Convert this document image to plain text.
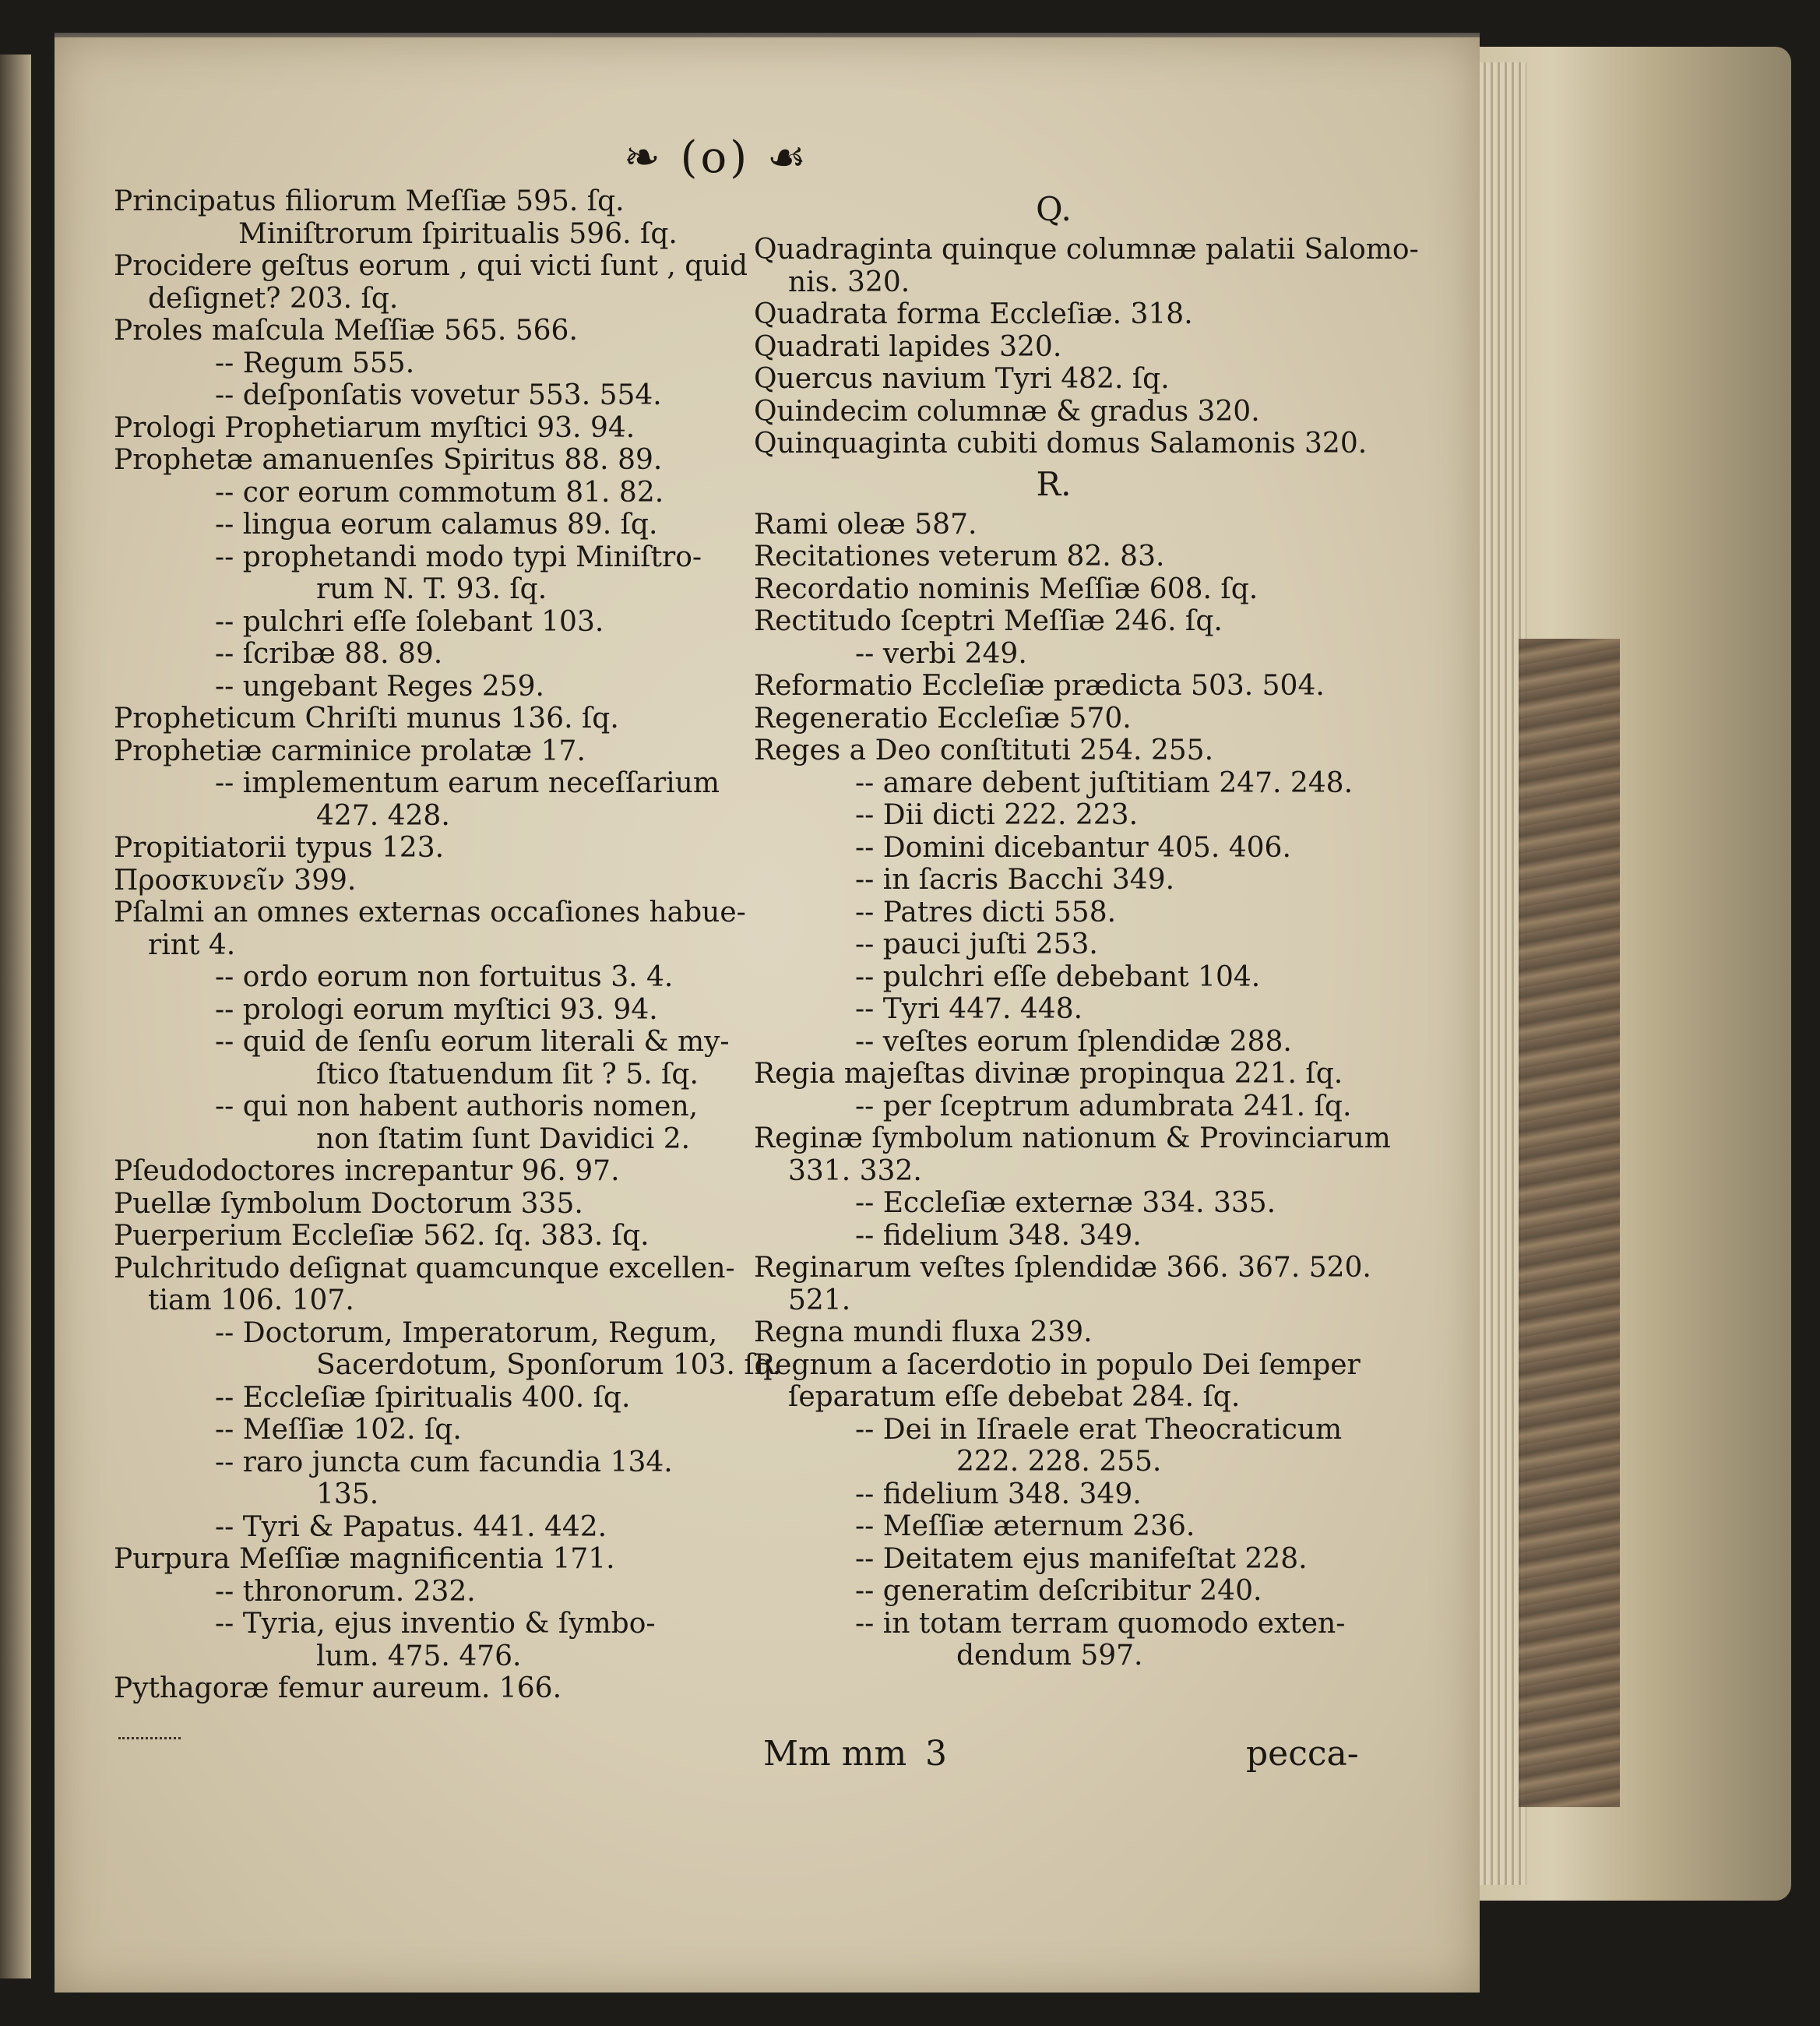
❧ (o) ☙
Principatus filiorum Meſſiæ 595. ſq.
Miniſtrorum ſpiritualis 596. ſq.
Procidere geſtus eorum , qui victi ſunt , quid
deſignet? 203. ſq.
Proles maſcula Meſſiæ 565. 566.
-- Regum 555.
-- deſponſatis vovetur 553. 554.
Prologi Prophetiarum myſtici 93. 94.
Prophetæ amanuenſes Spiritus 88. 89.
-- cor eorum commotum 81. 82.
-- lingua eorum calamus 89. ſq.
-- prophetandi modo typi Miniſtro-
rum N. T. 93. ſq.
-- pulchri eſſe ſolebant 103.
-- ſcribæ 88. 89.
-- ungebant Reges 259.
Propheticum Chriſti munus 136. ſq.
Prophetiæ carminice prolatæ 17.
-- implementum earum neceſſarium
427. 428.
Propitiatorii typus 123.
Προσκυνεῖν 399.
Pſalmi an omnes externas occaſiones habue-
rint 4.
-- ordo eorum non fortuitus 3. 4.
-- prologi eorum myſtici 93. 94.
-- quid de ſenſu eorum literali & my-
ſtico ſtatuendum ſit ? 5. ſq.
-- qui non habent authoris nomen,
non ſtatim ſunt Davidici 2.
Pſeudodoctores increpantur 96. 97.
Puellæ ſymbolum Doctorum 335.
Puerperium Eccleſiæ 562. ſq. 383. ſq.
Pulchritudo deſignat quamcunque excellen-
tiam 106. 107.
-- Doctorum, Imperatorum, Regum,
Sacerdotum, Sponſorum 103. ſq.
-- Eccleſiæ ſpiritualis 400. ſq.
-- Meſſiæ 102. ſq.
-- raro juncta cum facundia 134.
135.
-- Tyri & Papatus. 441. 442.
Purpura Meſſiæ magnificentia 171.
-- thronorum. 232.
-- Tyria, ejus inventio & ſymbo-
lum. 475. 476.
Pythagoræ femur aureum. 166.
Q.
Quadraginta quinque columnæ palatii Salomo-
nis. 320.
Quadrata forma Eccleſiæ. 318.
Quadrati lapides 320.
Quercus navium Tyri 482. ſq.
Quindecim columnæ & gradus 320.
Quinquaginta cubiti domus Salamonis 320.
R.
Rami oleæ 587.
Recitationes veterum 82. 83.
Recordatio nominis Meſſiæ 608. ſq.
Rectitudo ſceptri Meſſiæ 246. ſq.
-- verbi 249.
Reformatio Eccleſiæ prædicta 503. 504.
Regeneratio Eccleſiæ 570.
Reges a Deo conſtituti 254. 255.
-- amare debent juſtitiam 247. 248.
-- Dii dicti 222. 223.
-- Domini dicebantur 405. 406.
-- in ſacris Bacchi 349.
-- Patres dicti 558.
-- pauci juſti 253.
-- pulchri eſſe debebant 104.
-- Tyri 447. 448.
-- veſtes eorum ſplendidæ 288.
Regia majeſtas divinæ propinqua 221. ſq.
-- per ſceptrum adumbrata 241. ſq.
Reginæ ſymbolum nationum & Provinciarum
331. 332.
-- Eccleſiæ externæ 334. 335.
-- fidelium 348. 349.
Reginarum veſtes ſplendidæ 366. 367. 520.
521.
Regna mundi fluxa 239.
Regnum a ſacerdotio in populo Dei ſemper
ſeparatum eſſe debebat 284. ſq.
-- Dei in Iſraele erat Theocraticum
222. 228. 255.
-- fidelium 348. 349.
-- Meſſiæ æternum 236.
-- Deitatem ejus manifeſtat 228.
-- generatim deſcribitur 240.
-- in totam terram quomodo exten-
dendum 597.
Mm mm 3	pecca-
